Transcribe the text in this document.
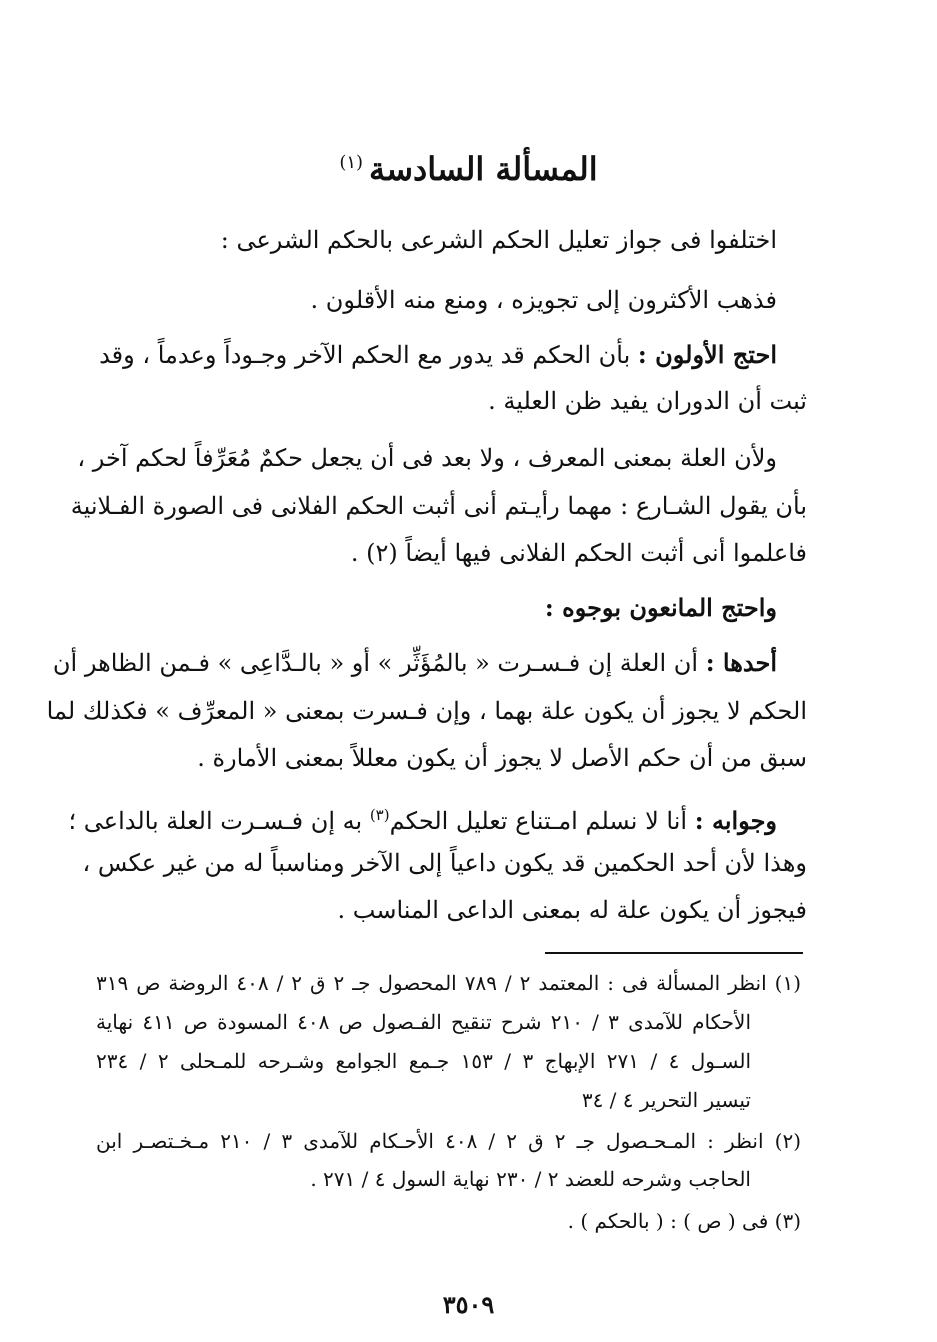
المسألة السادسة$^{(١)}$
اختلفوا فى جواز تعليل الحكم الشرعى بالحكم الشرعى :
فذهب الأكثرون إلى تجويزه ، ومنع منه الأقلون .
احتج الأولون : بأن الحكم قد يدور مع الحكم الآخر وجـوداً وعدماً ، وقد
ثبت أن الدوران يفيد ظن العلية .
ولأن العلة بمعنى المعرف ، ولا بعد فى أن يجعل حكمٌ مُعَرِّفاً لحكم آخر ،
بأن يقول الشـارع : مهما رأيـتم أنى أثبت الحكم الفلانى فى الصورة الفـلانية
فاعلموا أنى أثبت الحكم الفلانى فيها أيضاً (٢) .
واحتج المانعون بوجوه :
أحدها : أن العلة إن فـسـرت « بالمُؤَثِّر » أو « بالـدَّاعِى » فـمن الظاهر أن
الحكم لا يجوز أن يكون علة بهما ، وإن فـسرت بمعنى « المعرِّف » فكذلك لما
سبق من أن حكم الأصل لا يجوز أن يكون معللاً بمعنى الأمارة .
وجوابه : أنا لا نسلم امـتناع تعليل الحكم$^{(٣)}$ به إن فـسـرت العلة بالداعى ؛
وهذا لأن أحد الحكمين قد يكون داعياً إلى الآخر ومناسباً له من غير عكس ،
فيجوز أن يكون علة له بمعنى الداعى المناسب .
(١) انظر المسألة فى : المعتمد ٢ / ٧٨٩ المحصول جـ ٢ ق ٢ / ٤٠٨ الروضة ص ٣١٩
الأحكام للآمدى ٣ / ٢١٠ شرح تنقيح الفـصول ص ٤٠٨ المسودة ص ٤١١ نهاية
السـول ٤ / ٢٧١ الإبهاج ٣ / ١٥٣ جـمع الجوامع وشـرحه للمـحلى ٢ / ٢٣٤
تيسير التحرير ٤ / ٣٤
(٢) انظر : المـحـصول جـ ٢ ق ٢ / ٤٠٨ الأحـكام للآمدى ٣ / ٢١٠ مـخـتصـر ابن
الحاجب وشرحه للعضد ٢ / ٢٣٠ نهاية السول ٤ / ٢٧١ .
(٣) فى ( ص ) : ( بالحكم ) .
٣٥٠٩
